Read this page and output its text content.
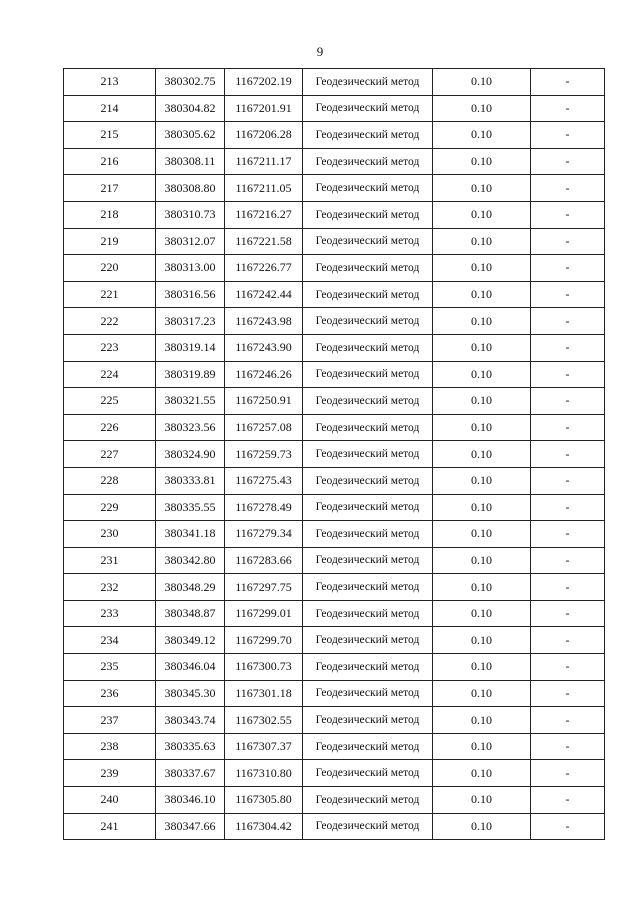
9
213	380302.75	1167202.19	Геодезический метод	0.10	-
214	380304.82	1167201.91	Геодезический метод	0.10	-
215	380305.62	1167206.28	Геодезический метод	0.10	-
216	380308.11	1167211.17	Геодезический метод	0.10	-
217	380308.80	1167211.05	Геодезический метод	0.10	-
218	380310.73	1167216.27	Геодезический метод	0.10	-
219	380312.07	1167221.58	Геодезический метод	0.10	-
220	380313.00	1167226.77	Геодезический метод	0.10	-
221	380316.56	1167242.44	Геодезический метод	0.10	-
222	380317.23	1167243.98	Геодезический метод	0.10	-
223	380319.14	1167243.90	Геодезический метод	0.10	-
224	380319.89	1167246.26	Геодезический метод	0.10	-
225	380321.55	1167250.91	Геодезический метод	0.10	-
226	380323.56	1167257.08	Геодезический метод	0.10	-
227	380324.90	1167259.73	Геодезический метод	0.10	-
228	380333.81	1167275.43	Геодезический метод	0.10	-
229	380335.55	1167278.49	Геодезический метод	0.10	-
230	380341.18	1167279.34	Геодезический метод	0.10	-
231	380342.80	1167283.66	Геодезический метод	0.10	-
232	380348.29	1167297.75	Геодезический метод	0.10	-
233	380348.87	1167299.01	Геодезический метод	0.10	-
234	380349.12	1167299.70	Геодезический метод	0.10	-
235	380346.04	1167300.73	Геодезический метод	0.10	-
236	380345.30	1167301.18	Геодезический метод	0.10	-
237	380343.74	1167302.55	Геодезический метод	0.10	-
238	380335.63	1167307.37	Геодезический метод	0.10	-
239	380337.67	1167310.80	Геодезический метод	0.10	-
240	380346.10	1167305.80	Геодезический метод	0.10	-
241	380347.66	1167304.42	Геодезический метод	0.10	-
